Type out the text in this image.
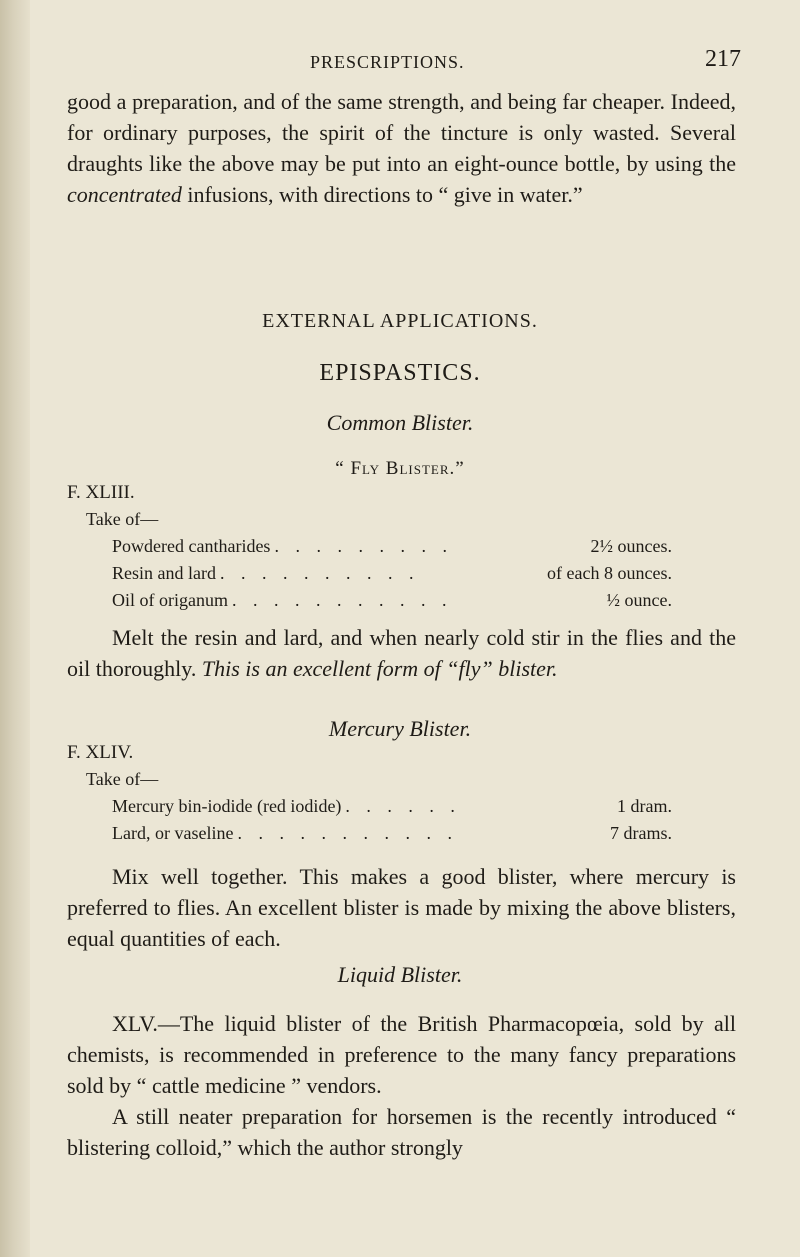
PRESCRIPTIONS.	217

good a preparation, and of the same strength, and being far cheaper. Indeed, for ordinary purposes, the spirit of the tincture is only wasted. Several draughts like the above may be put into an eight-ounce bottle, by using the concentrated infusions, with directions to “ give in water.”

EXTERNAL APPLICATIONS.
EPISPASTICS.
Common Blister.
“ Fly Blister.”
F. XLIII.
Take of—
Powdered cantharides . . . . . . . . .	2½ ounces.
Resin and lard . . . . . . . . . .	of each 8 ounces.
Oil of origanum . . . . . . . . . . .	½ ounce.

Melt the resin and lard, and when nearly cold stir in the flies and the oil thoroughly. This is an excellent form of “fly” blister.

Mercury Blister.
F. XLIV.
Take of—
Mercury bin-iodide (red iodide) . . . . . .	1 dram.
Lard, or vaseline . . . . . . . . . . .	7 drams.

Mix well together. This makes a good blister, where mercury is preferred to flies. An excellent blister is made by mixing the above blisters, equal quantities of each.

Liquid Blister.

XLV.—The liquid blister of the British Pharmacopœia, sold by all chemists, is recommended in preference to the many fancy preparations sold by “ cattle medicine ” vendors.

A still neater preparation for horsemen is the recently introduced “ blistering colloid,” which the author strongly
